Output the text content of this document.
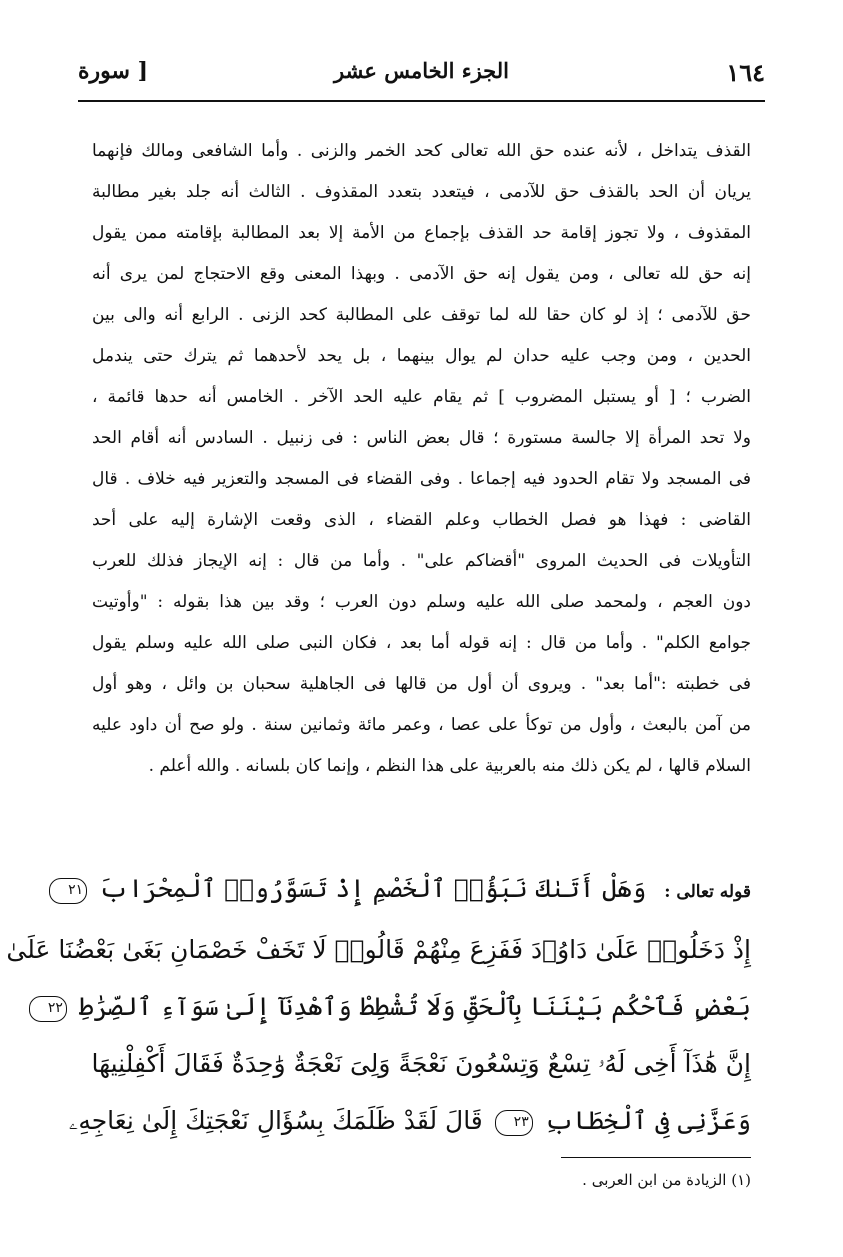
١٦٤
الجزء الخامس عشر
[ سورة

القذف يتداخل ، لأنه عنده حق الله تعالى كحد الخمر والزنى . وأما الشافعى ومالك فإنهما

يريان أن الحد بالقذف حق للآدمى ، فيتعدد بتعدد المقذوف . الثالث أنه جلد بغير مطالبة

المقذوف ، ولا تجوز إقامة حد القذف بإجماع من الأمة إلا بعد المطالبة بإقامته ممن يقول

إنه حق لله تعالى ، ومن يقول إنه حق الآدمى . وبهذا المعنى وقع الاحتجاج لمن يرى أنه

حق للآدمى ؛ إذ لو كان حقا لله لما توقف على المطالبة كحد الزنى . الرابع أنه والى بين

الحدين ، ومن وجب عليه حدان لم يوال بينهما ، بل يحد لأحدهما ثم يترك حتى يندمل

الضرب ؛ [ أو يستبل المضروب ] ثم يقام عليه الحد الآخر . الخامس أنه حدها قائمة ،

ولا تحد المرأة إلا جالسة مستورة ؛ قال بعض الناس : فى زنبيل . السادس أنه أقام الحد

فى المسجد ولا تقام الحدود فيه إجماعا . وفى القضاء فى المسجد والتعزير فيه خلاف . قال

القاضى : فهذا هو فصل الخطاب وعلم القضاء ، الذى وقعت الإشارة إليه على أحد

التأويلات فى الحديث المروى "أقضاكم على" . وأما من قال : إنه الإيجاز فذلك للعرب

دون العجم ، ولمحمد صلى الله عليه وسلم دون العرب ؛ وقد بين هذا بقوله : "وأوتيت

جوامع الكلم" . وأما من قال : إنه قوله أما بعد ، فكان النبى صلى الله عليه وسلم يقول

فى خطبته :"أما بعد" . ويروى أن أول من قالها فى الجاهلية سحبان بن وائل ، وهو أول

من آمن بالبعث ، وأول من توكأ على عصا ، وعمر مائة وثمانين سنة . ولو صح أن داود عليه

السلام قالها ، لم يكن ذلك منه بالعربية على هذا النظم ، وإنما كان بلسانه . والله أعلم .

قوله تعالى : وَهَلْ أَتَىٰكَ نَبَؤُا۟ ٱلْخَصْمِ إِذْ تَسَوَّرُوا۟ ٱلْمِحْرَابَ ٢١

إِذْ دَخَلُوا۟ عَلَىٰ دَاوُۥدَ فَفَزِعَ مِنْهُمْ قَالُوا۟ لَا تَخَفْ خَصْمَانِ بَغَىٰ بَعْضُنَا عَلَىٰ

بَعْضٍ فَٱحْكُم بَيْنَنَا بِٱلْحَقِّ وَلَا تُشْطِطْ وَٱهْدِنَآ إِلَىٰ سَوَآءِ ٱلصِّرَٰطِ ٢٢

إِنَّ هَٰذَآ أَخِى لَهُۥ تِسْعٌ وَتِسْعُونَ نَعْجَةً وَلِىَ نَعْجَةٌ وَٰحِدَةٌ فَقَالَ أَكْفِلْنِيهَا

وَعَزَّنِى فِى ٱلْخِطَابِ ٢٣ قَالَ لَقَدْ ظَلَمَكَ بِسُؤَالِ نَعْجَتِكَ إِلَىٰ نِعَاجِهِۦ

(١) الزيادة من ابن العربى .
